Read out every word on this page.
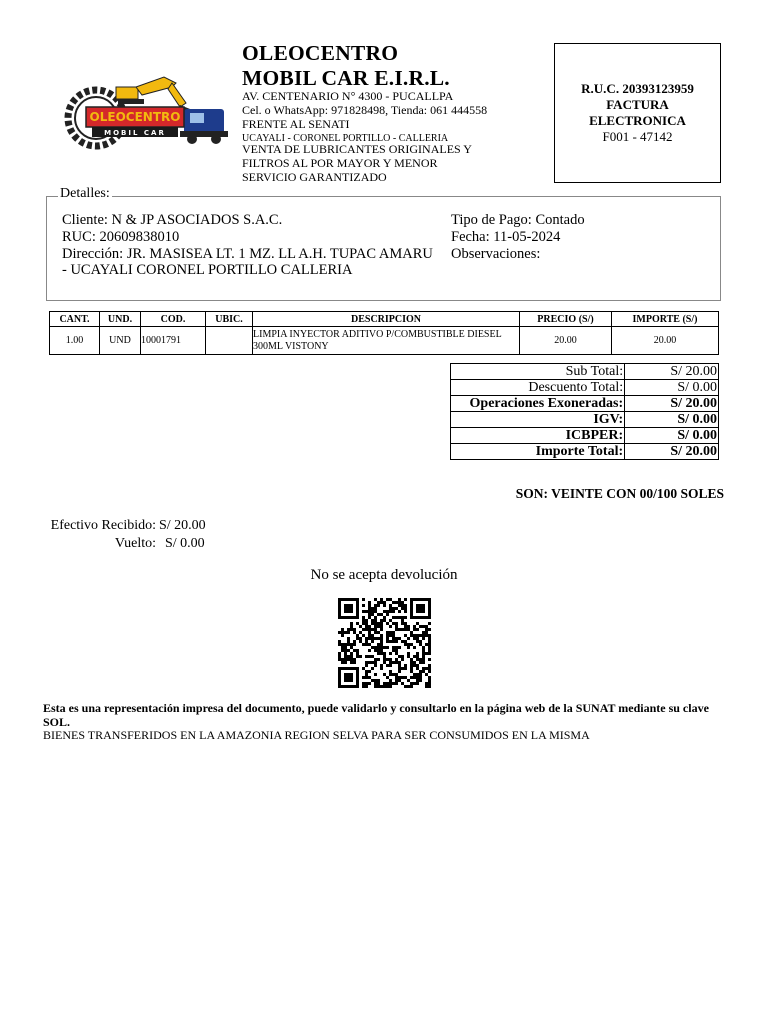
OLEOCENTRO
MOBIL CAR
OLEOCENTRO
MOBIL CAR E.I.R.L.
AV. CENTENARIO N° 4300 - PUCALLPA
Cel. o WhatsApp: 971828498, Tienda: 061 444558
FRENTE AL SENATI
UCAYALI - CORONEL PORTILLO - CALLERIA
VENTA DE LUBRICANTES ORIGINALES Y
FILTROS AL POR MAYOR Y MENOR
SERVICIO GARANTIZADO
R.U.C. 20393123959
FACTURA
ELECTRONICA
F001 - 47142
Detalles:
Cliente: N & JP ASOCIADOS S.A.C.
RUC: 20609838010
Dirección: JR. MASISEA LT. 1 MZ. LL A.H. TUPAC AMARU
- UCAYALI CORONEL PORTILLO CALLERIA
Tipo de Pago: Contado
Fecha: 11-05-2024
Observaciones:
CANT.	UND.	COD.	UBIC.	DESCRIPCION	PRECIO (S/)	IMPORTE (S/)
1.00	UND	10001791		LIMPIA INYECTOR ADITIVO P/COMBUSTIBLE DIESEL 300ML VISTONY	20.00	20.00
Sub Total:	S/ 20.00
Descuento Total:	S/ 0.00
Operaciones Exoneradas:	S/ 20.00
IGV:	S/ 0.00
ICBPER:	S/ 0.00
Importe Total:	S/ 20.00
SON: VEINTE CON 00/100 SOLES
Efectivo Recibido: S/ 20.00
Vuelto: S/ 0.00
No se acepta devolución
Esta es una representación impresa del documento, puede validarlo y consultarlo en la página web de la SUNAT mediante su clave SOL.
BIENES TRANSFERIDOS EN LA AMAZONIA REGION SELVA PARA SER CONSUMIDOS EN LA MISMA
